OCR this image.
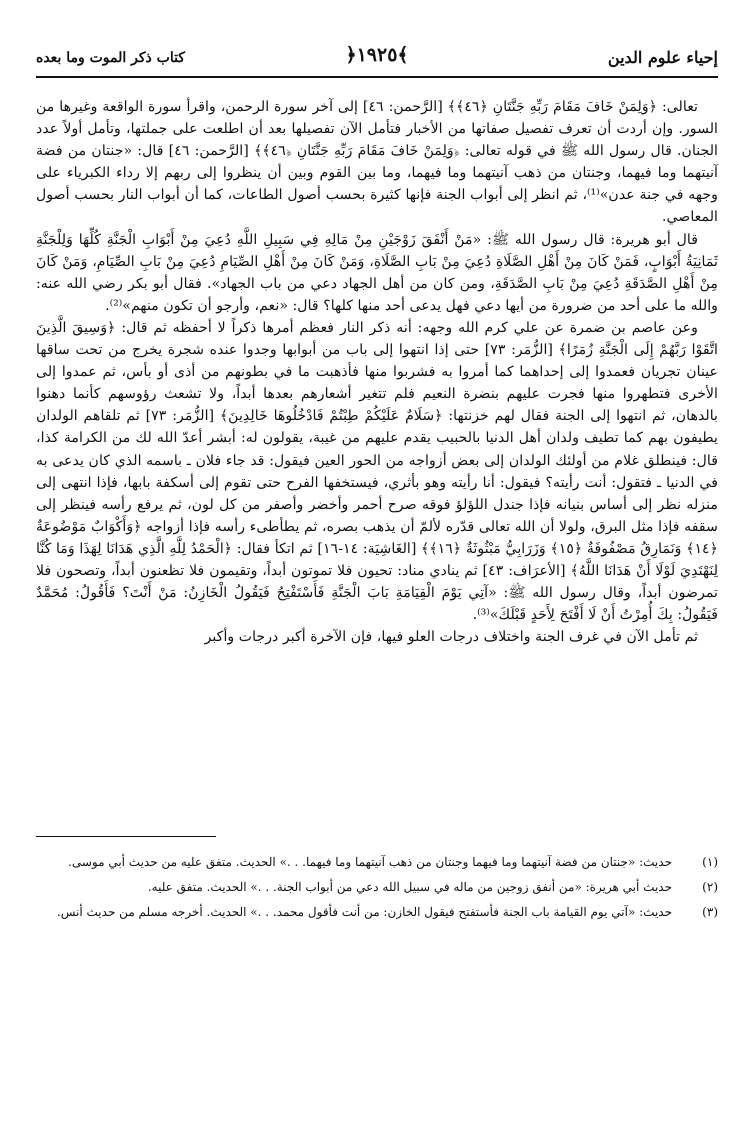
إحياء علوم الدين
﴿١٩٢٥﴾
كتاب ذكر الموت وما بعده

تعالى: ﴿وَلِمَنْ خَافَ مَقَامَ رَبِّهِ جَنَّتَانِ ﴿٤٦﴾﴾ [الرَّحمن: ٤٦] إلى آخر سورة الرحمن، واقرأ سورة الواقعة وغيرها من السور. وإن أردت أن تعرف تفصيل صفاتها من الأخبار فتأمل الآن تفصيلها بعد أن اطلعت على جملتها، وتأمل أولاً عدد الجنان. قال رسول الله ﷺ في قوله تعالى: ﴿وَلِمَنْ خَافَ مَقَامَ رَبِّهِ جَنَّتَانِ ﴿٤٦﴾﴾ [الرَّحمن: ٤٦] قال: «جنتان من فضة آنيتهما وما فيهما، وجنتان من ذهب آنيتهما وما فيهما، وما بين القوم وبين أن ينظروا إلى ربهم إلا رداء الكبرياء على وجهه في جنة عدن»⁽¹⁾، ثم انظر إلى أبواب الجنة فإنها كثيرة بحسب أصول الطاعات، كما أن أبواب النار بحسب أصول المعاصي.

قال أبو هريرة: قال رسول الله ﷺ: «مَنْ أَنْفَقَ زَوْجَيْنِ مِنْ مَالِهِ فِي سَبِيلِ اللَّهِ دُعِيَ مِنْ أَبْوَابِ الْجَنَّةِ كُلِّهَا وَلِلْجَنَّةِ ثَمَانِيَةُ أَبْوَابٍ، فَمَنْ كَانَ مِنْ أَهْلِ الصَّلَاةِ دُعِيَ مِنْ بَابِ الصَّلَاةِ، وَمَنْ كَانَ مِنْ أَهْلِ الصِّيَامِ دُعِيَ مِنْ بَابِ الصِّيَامِ، وَمَنْ كَانَ مِنْ أَهْلِ الصَّدَقَةِ دُعِيَ مِنْ بَابِ الصَّدَقَةِ، ومن كان من أهل الجهاد دعي من باب الجهاد». فقال أبو بكر رضي الله عنه: والله ما على أحد من ضرورة من أيها دعي فهل يدعى أحد منها كلها؟ قال: «نعم، وأرجو أن تكون منهم»⁽²⁾.

وعن عاصم بن ضمرة عن علي كرم الله وجهه: أنه ذكر النار فعظم أمرها ذكراً لا أحفظه ثم قال: ﴿وَسِيقَ الَّذِينَ اتَّقَوْا رَبَّهُمْ إِلَى الْجَنَّةِ زُمَرًا﴾ [الزُّمَر: ٧٣] حتى إذا انتهوا إلى باب من أبوابها وجدوا عنده شجرة يخرج من تحت ساقها عينان تجريان فعمدوا إلى إحداهما كما أمروا به فشربوا منها فأذهبت ما في بطونهم من أذى أو بأس، ثم عمدوا إلى الأخرى فتطهروا منها فجرت عليهم بنضرة النعيم فلم تتغير أشعارهم بعدها أبداً، ولا تشعث رؤوسهم كأنما دهنوا بالدهان، ثم انتهوا إلى الجنة فقال لهم خزنتها: ﴿سَلَامٌ عَلَيْكُمْ طِبْتُمْ فَادْخُلُوهَا خَالِدِينَ﴾ [الزُّمَر: ٧٣] ثم تلقاهم الولدان يطيفون بهم كما تطيف ولدان أهل الدنيا بالحبيب يقدم عليهم من غيبة، يقولون له: أبشر أعدّ الله لك من الكرامة كذا، قال: فينطلق غلام من أولئك الولدان إلى بعض أزواجه من الحور العين فيقول: قد جاء فلان ـ باسمه الذي كان يدعى به في الدنيا ـ فتقول: أنت رأيته؟ فيقول: أنا رأيته وهو بأثري، فيستخفها الفرح حتى تقوم إلى أسكفة بابها، فإذا انتهى إلى منزله نظر إلى أساس بنيانه فإذا جندل اللؤلؤ فوقه صرح أحمر وأخضر وأصفر من كل لون، ثم يرفع رأسه فينظر إلى سقفه فإذا مثل البرق، ولولا أن الله تعالى قدّره لألمّ أن يذهب بصره، ثم يطأطىء رأسه فإذا أزواجه ﴿وَأَكْوَابٌ مَوْضُوعَةٌ ﴿١٤﴾ وَنَمَارِقُ مَصْفُوفَةٌ ﴿١٥﴾ وَزَرَابِيُّ مَبْثُوثَةٌ ﴿١٦﴾﴾ [الغَاشِيَة: ١٤-١٦] ثم اتكأ فقال: ﴿الْحَمْدُ لِلَّهِ الَّذِي هَدَانَا لِهَذَا وَمَا كُنَّا لِنَهْتَدِيَ لَوْلَا أَنْ هَدَانَا اللَّهُ﴾ [الأعرَاف: ٤٣] ثم ينادي مناد: تحيون فلا تموتون أبداً، وتقيمون فلا تظعنون أبداً، وتصحون فلا تمرضون أبداً، وقال رسول الله ﷺ: «آتِي يَوْمَ الْقِيَامَةِ بَابَ الْجَنَّةِ فَأَسْتَفْتِحُ فَيَقُولُ الْخَازِنُ: مَنْ أَنْتَ؟ فَأَقُولُ: مُحَمَّدٌ فَيَقُولُ: بِكَ أُمِرْتُ أَنْ لَا أَفْتَحَ لِأَحَدٍ قَبْلَكَ»⁽³⁾.

ثم تأمل الآن في غرف الجنة واختلاف درجات العلو فيها، فإن الآخرة أكبر درجات وأكبر

(١)
حديث: «جنتان من فضة آنيتهما وما فيهما وجنتان من ذهب آنيتهما وما فيهما. . .» الحديث. متفق عليه من حديث أبي موسى.
(٢)
حديث أبي هريرة: «من أنفق زوجين من ماله في سبيل الله دعي من أبواب الجنة. . .» الحديث. متفق عليه.
(٣)
حديث: «آتي يوم القيامة باب الجنة فأستفتح فيقول الخازن: من أنت فأقول محمد. . .» الحديث. أخرجه مسلم من حديث أنس.
